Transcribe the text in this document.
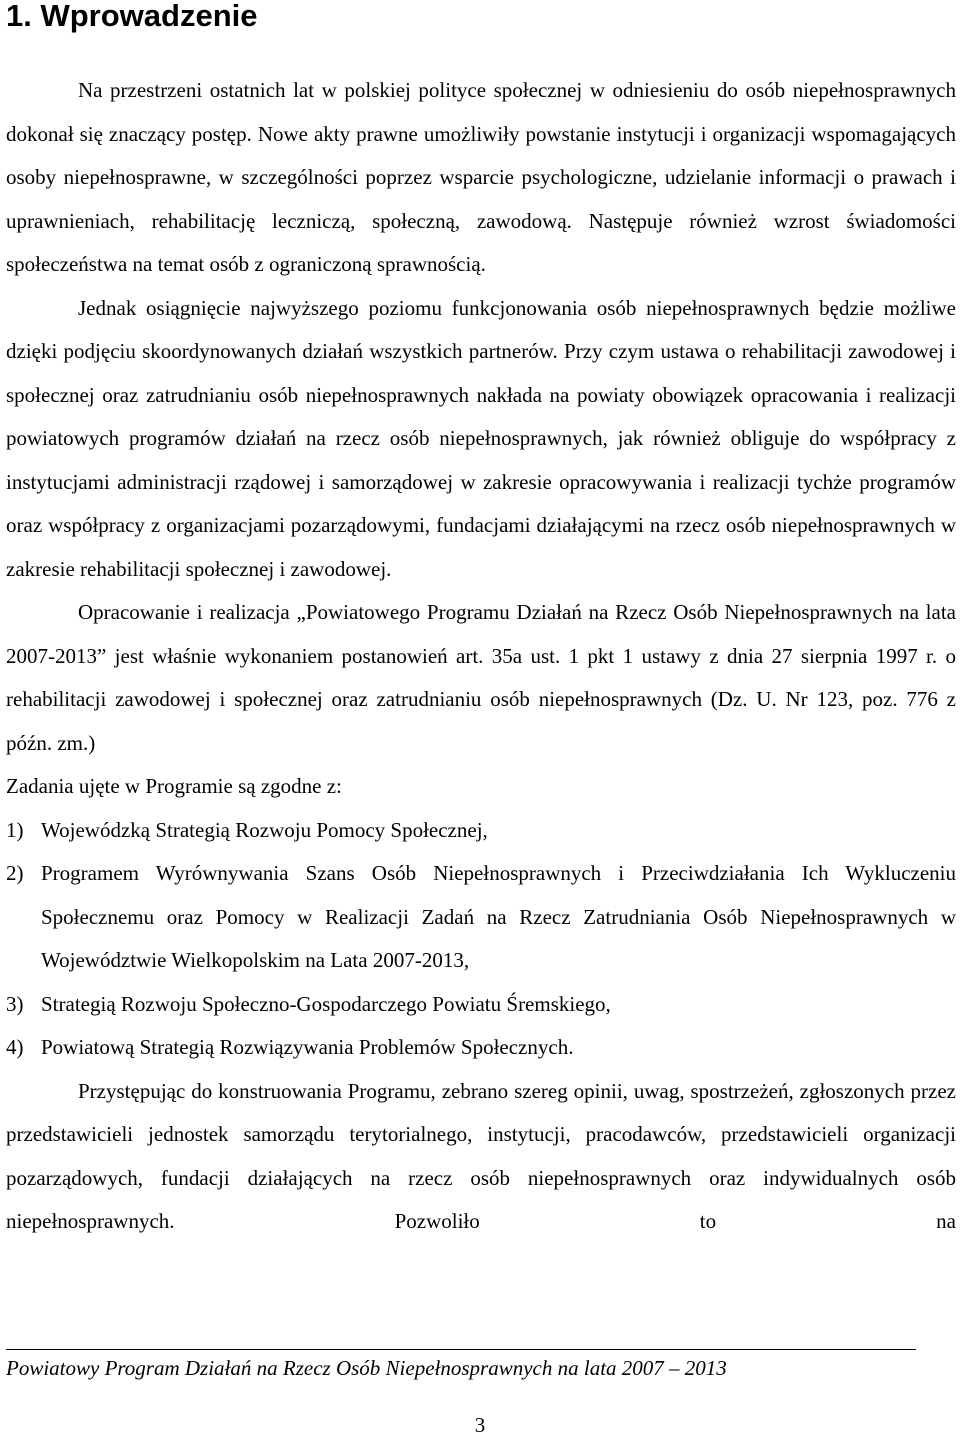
1. Wprowadzenie

Na przestrzeni ostatnich lat w polskiej polityce społecznej w odniesieniu do osób niepełnosprawnych dokonał się znaczący postęp. Nowe akty prawne umożliwiły powstanie instytucji i organizacji wspomagających osoby niepełnosprawne, w szczególności poprzez wsparcie psychologiczne, udzielanie informacji o prawach i uprawnieniach, rehabilitację leczniczą, społeczną, zawodową. Następuje również wzrost świadomości społeczeństwa na temat osób z ograniczoną sprawnością.

Jednak osiągnięcie najwyższego poziomu funkcjonowania osób niepełnosprawnych będzie możliwe dzięki podjęciu skoordynowanych działań wszystkich partnerów. Przy czym ustawa o rehabilitacji zawodowej i społecznej oraz zatrudnianiu osób niepełnosprawnych nakłada na powiaty obowiązek opracowania i realizacji powiatowych programów działań na rzecz osób niepełnosprawnych, jak również obliguje do współpracy z instytucjami administracji rządowej i samorządowej w zakresie opracowywania i realizacji tychże programów oraz współpracy z organizacjami pozarządowymi, fundacjami działającymi na rzecz osób niepełnosprawnych w zakresie rehabilitacji społecznej i zawodowej.

Opracowanie i realizacja „Powiatowego Programu Działań na Rzecz Osób Niepełnosprawnych na lata 2007-2013” jest właśnie wykonaniem postanowień art. 35a ust. 1 pkt 1 ustawy z dnia 27 sierpnia 1997 r. o rehabilitacji zawodowej i społecznej oraz zatrudnianiu osób niepełnosprawnych (Dz. U. Nr 123, poz. 776 z późn. zm.)

Zadania ujęte w Programie są zgodne z:

1) Wojewódzką Strategią Rozwoju Pomocy Społecznej,
2) Programem Wyrównywania Szans Osób Niepełnosprawnych i Przeciwdziałania Ich Wykluczeniu Społecznemu oraz Pomocy w Realizacji Zadań na Rzecz Zatrudniania Osób Niepełnosprawnych w Województwie Wielkopolskim na Lata 2007-2013,
3) Strategią Rozwoju Społeczno-Gospodarczego Powiatu Śremskiego,
4) Powiatową Strategią Rozwiązywania Problemów Społecznych.

Przystępując do konstruowania Programu, zebrano szereg opinii, uwag, spostrzeżeń, zgłoszonych przez przedstawicieli jednostek samorządu terytorialnego, instytucji, pracodawców, przedstawicieli organizacji pozarządowych, fundacji działających na rzecz osób niepełnosprawnych oraz indywidualnych osób niepełnosprawnych. Pozwoliło to na

Powiatowy Program Działań na Rzecz Osób Niepełnosprawnych na lata 2007 – 2013
3
